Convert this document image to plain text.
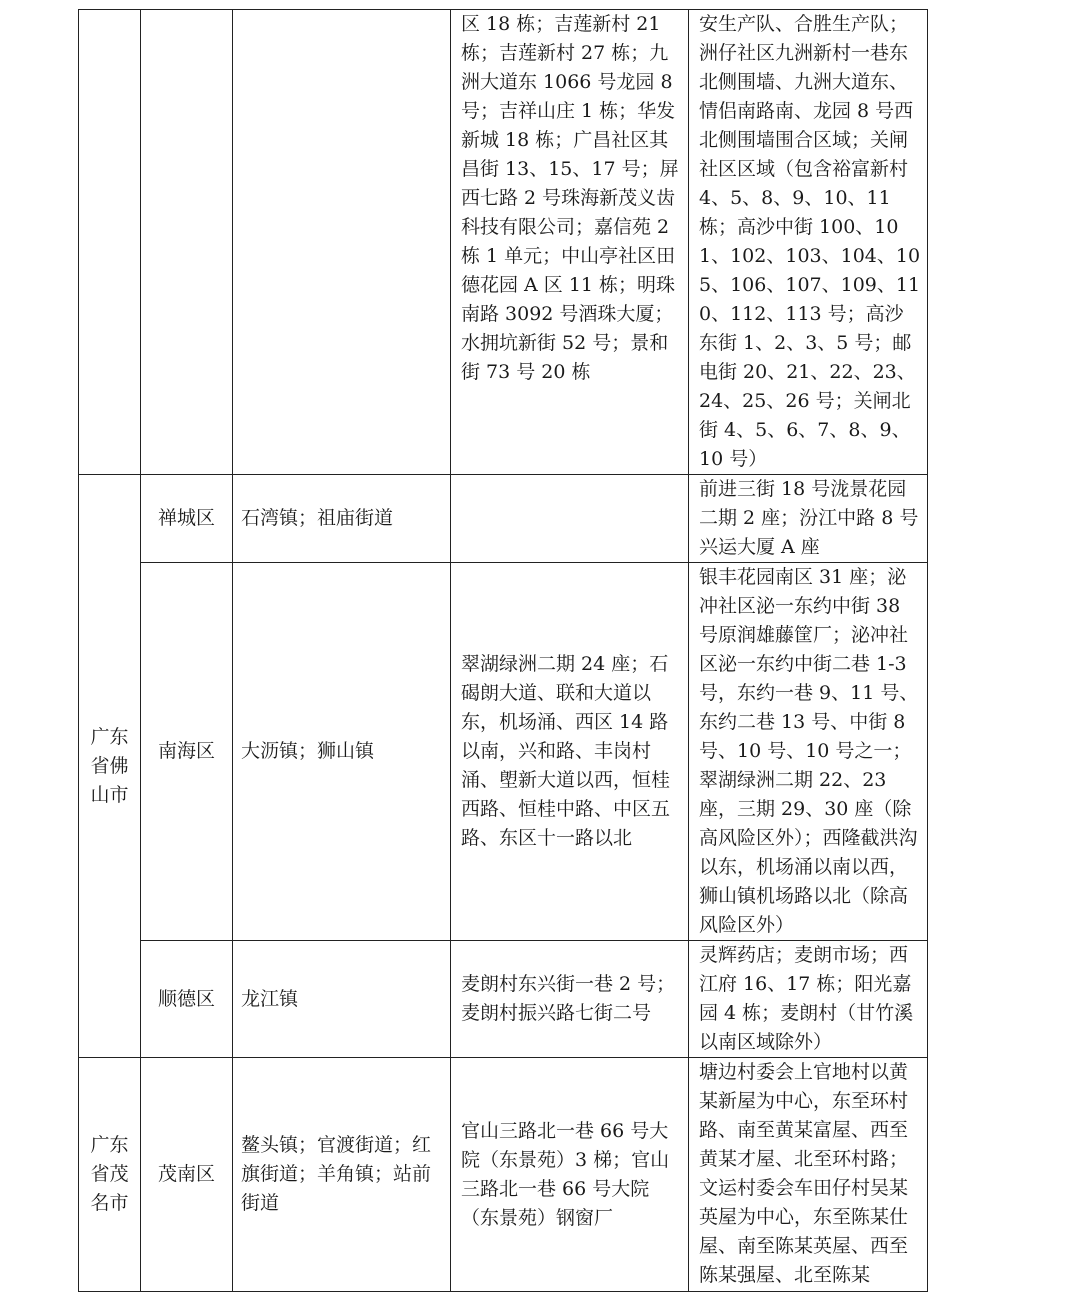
			区 18 栋；吉莲新村 21 栋；吉莲新村 27 栋；九洲大道东 1066 号龙园 8 号；吉祥山庄 1 栋；华发新城 18 栋；广昌社区其昌街 13、15、17 号；屏西七路 2 号珠海新茂义齿科技有限公司；嘉信苑 2 栋 1 单元；中山亭社区田德花园 A 区 11 栋；明珠南路 3092 号酒珠大厦；水拥坑新街 52 号；景和街 73 号 20 栋	安生产队、合胜生产队；洲仔社区九洲新村一巷东北侧围墙、九洲大道东、情侣南路南、龙园 8 号西北侧围墙围合区域；关闸社区区域（包含裕富新村 4、5、8、9、10、11 栋；高沙中街 100、101、102、103、104、105、106、107、109、110、112、113 号；高沙东街 1、2、3、5 号；邮电街 20、21、22、23、24、25、26 号；关闸北街 4、5、6、7、8、9、10 号）
广东省佛山市	禅城区	石湾镇；祖庙街道		前进三街 18 号泷景花园二期 2 座；汾江中路 8 号兴运大厦 A 座
	南海区	大沥镇；狮山镇	翠湖绿洲二期 24 座；石碣朗大道、联和大道以东，机场涌、西区 14 路以南，兴和路、丰岗村涌、塱新大道以西，恒桂西路、恒桂中路、中区五路、东区十一路以北	银丰花园南区 31 座；泌冲社区泌一东约中街 38 号原润雄藤筐厂；泌冲社区泌一东约中街二巷 1-3 号，东约一巷 9、11 号、东约二巷 13 号、中街 8 号、10 号、10 号之一；翠湖绿洲二期 22、23 座，三期 29、30 座（除高风险区外）；西隆截洪沟以东，机场涌以南以西，狮山镇机场路以北（除高风险区外）
	顺德区	龙江镇	麦朗村东兴街一巷 2 号；麦朗村振兴路七街二号	灵辉药店；麦朗市场；西江府 16、17 栋；阳光嘉园 4 栋；麦朗村（甘竹溪以南区域除外）
广东省茂名市	茂南区	鳌头镇；官渡街道；红旗街道；羊角镇；站前街道	官山三路北一巷 66 号大院（东景苑）3 梯；官山三路北一巷 66 号大院（东景苑）钢窗厂	塘边村委会上官地村以黄某新屋为中心，东至环村路、南至黄某富屋、西至黄某才屋、北至环村路；文运村委会车田仔村吴某英屋为中心，东至陈某仕屋、南至陈某英屋、西至陈某强屋、北至陈某
